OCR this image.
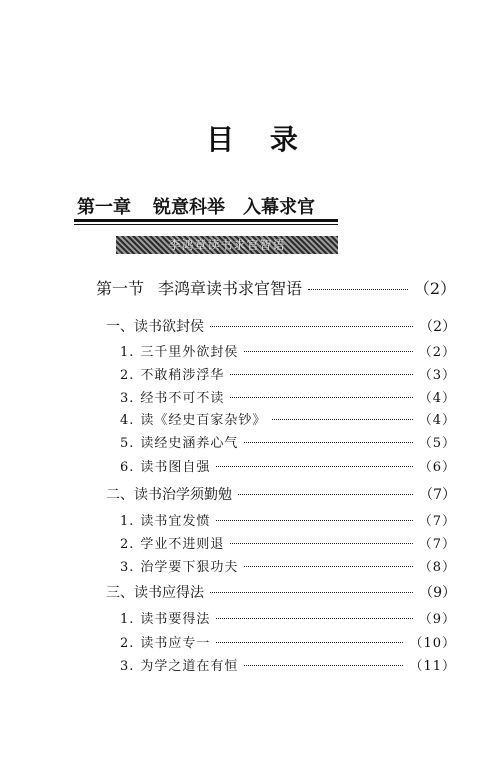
目 录
第一章 锐意科举 入幕求官
李鸿章读书求官智语
第一节 李鸿章读书求官智语	（2）
一、读书欲封侯	（2）
1. 三千里外欲封侯	（2）
2. 不敢稍涉浮华	（3）
3. 经书不可不读	（4）
4. 读《经史百家杂钞》	（4）
5. 读经史涵养心气	（5）
6. 读书图自强	（6）
二、读书治学须勤勉	（7）
1. 读书宜发愤	（7）
2. 学业不进则退	（7）
3. 治学要下狠功夫	（8）
三、读书应得法	（9）
1. 读书要得法	（9）
2. 读书应专一	（10）
3. 为学之道在有恒	（11）
